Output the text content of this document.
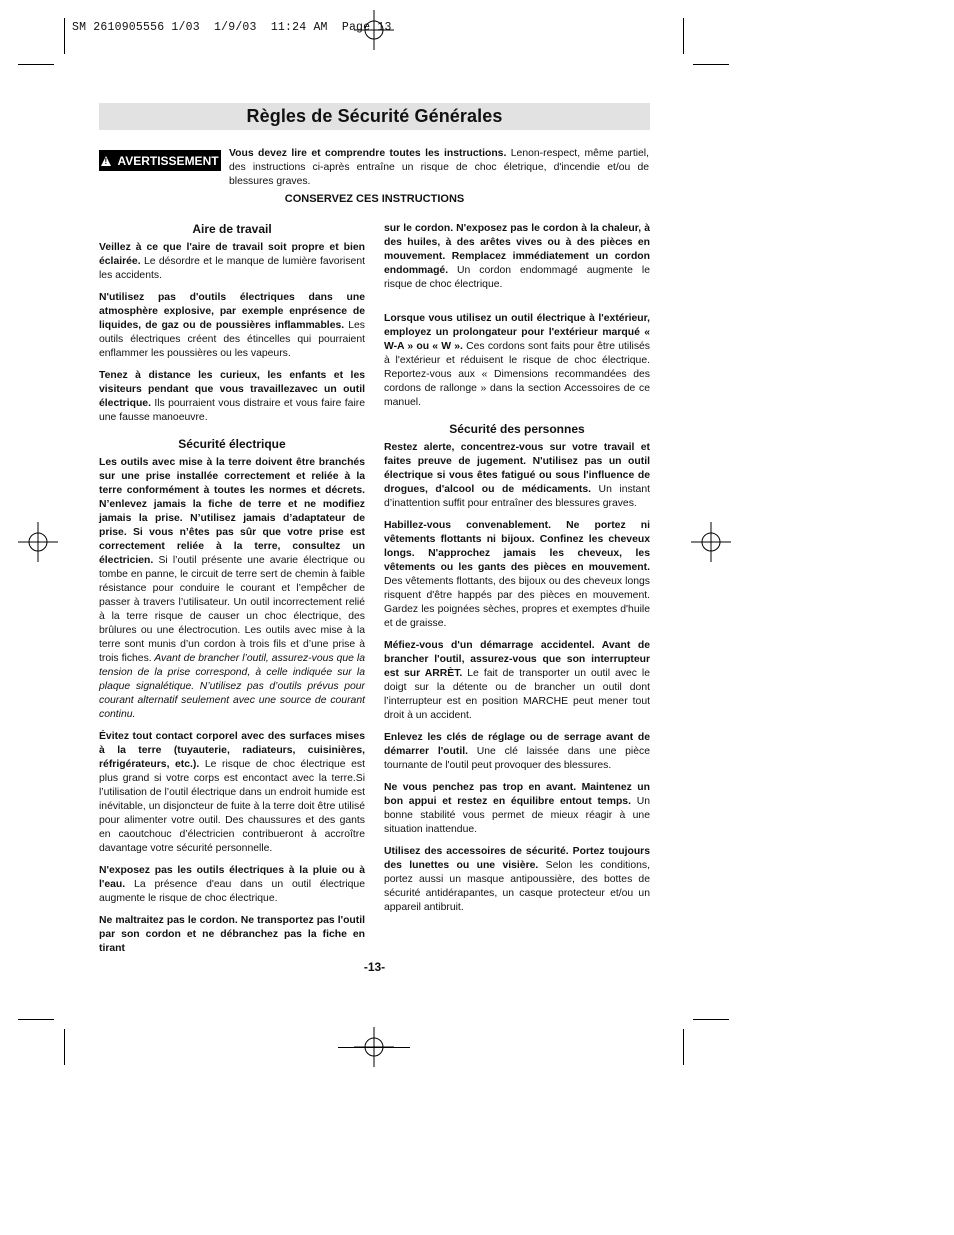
SM 2610905556 1/03  1/9/03  11:24 AM  Page 13
Règles de Sécurité Générales
!
AVERTISSEMENT Vous devez lire et comprendre toutes les instructions. Lenon-respect, même partiel, des instructions ci-après entraîne un risque de choc életrique, d'incendie et/ou de blessures graves.

CONSERVEZ CES INSTRUCTIONS

Aire de travail

Veillez à ce que l'aire de travail soit propre et bien éclairée. Le désordre et le manque de lumière favorisent les accidents.

N'utilisez pas d'outils électriques dans une atmosphère explosive, par exemple enprésence de liquides, de gaz ou de poussières inflammables. Les outils électriques créent des étincelles qui pourraient enflammer les poussières ou les vapeurs.

Tenez à distance les curieux, les enfants et les visiteurs pendant que vous travaillezavec un outil électrique. Ils pourraient vous distraire et vous faire faire une fausse manoeuvre.

Sécurité électrique

Les outils avec mise à la terre doivent être branchés sur une prise installée correctement et reliée à la terre conformément à toutes les normes et décrets. N’enlevez jamais la fiche de terre et ne modifiez jamais la prise. N’utilisez jamais d’adaptateur de prise. Si vous n’êtes pas sûr que votre prise est correctement reliée à la terre, consultez un électricien. Si l’outil présente une avarie électrique ou tombe en panne, le circuit de terre sert de chemin à faible résistance pour conduire le courant et l’empêcher de passer à travers l’utilisateur. Un outil incorrectement relié à la terre risque de causer un choc électrique, des brûlures ou une électrocution. Les outils avec mise à la terre sont munis d’un cordon à trois fils et d’une prise à trois fiches. Avant de brancher l’outil, assurez-vous que la tension de la prise correspond, à celle indiquée sur la plaque signalétique. N’utilisez pas d’outils prévus pour courant alternatif seulement avec une source de courant continu.

Évitez tout contact corporel avec des surfaces mises à la terre (tuyauterie, radiateurs, cuisinières, réfrigérateurs, etc.). Le risque de choc électrique est plus grand si votre corps est encontact avec la terre.Si l’utilisation de l’outil électrique dans un endroit humide est inévitable, un disjoncteur de fuite à la terre doit être utilisé pour alimenter votre outil. Des chaussures et des gants en caoutchouc d’électricien contribueront à accroître davantage votre sécurité personnelle.

N'exposez pas les outils électriques à la pluie ou à l'eau. La présence d'eau dans un outil électrique augmente le risque de choc électrique.

Ne maltraitez pas le cordon. Ne transportez pas l'outil par son cordon et ne débranchez pas la fiche en tirant

sur le cordon. N'exposez pas le cordon à la chaleur, à des huiles, à des arêtes vives ou à des pièces en mouvement. Remplacez immédiatement un cordon endommagé. Un cordon endommagé augmente le risque de choc électrique.

Lorsque vous utilisez un outil électrique à l'extérieur, employez un prolongateur pour l'extérieur marqué « W-A » ou « W ». Ces cordons sont faits pour être utilisés à l'extérieur et réduisent le risque de choc électrique. Reportez-vous aux « Dimensions recommandées des cordons de rallonge » dans la section Accessoires de ce manuel.

Sécurité des personnes

Restez alerte, concentrez-vous sur votre travail et faites preuve de jugement. N'utilisez pas un outil électrique si vous êtes fatigué ou sous l'influence de drogues, d'alcool ou de médicaments. Un instant d’inattention suffit pour entraîner des blessures graves.

Habillez-vous convenablement. Ne portez ni vêtements flottants ni bijoux. Confinez les cheveux longs. N'approchez jamais les cheveux, les vêtements ou les gants des pièces en mouvement. Des vêtements flottants, des bijoux ou des cheveux longs risquent d'être happés par des pièces en mouvement. Gardez les poignées sèches, propres et exemptes d'huile et de graisse.

Méfiez-vous d'un démarrage accidentel. Avant de brancher l'outil, assurez-vous que son interrupteur est sur ARRÈT. Le fait de transporter un outil avec le doigt sur la détente ou de brancher un outil dont l’interrupteur est en position MARCHE peut mener tout droit à un accident.

Enlevez les clés de réglage ou de serrage avant de démarrer l'outil. Une clé laissée dans une pièce tournante de l'outil peut provoquer des blessures.

Ne vous penchez pas trop en avant. Maintenez un bon appui et restez en équilibre entout temps. Un bonne stabilité vous permet de mieux réagir à une situation inattendue.

Utilisez des accessoires de sécurité. Portez toujours des lunettes ou une visière. Selon les conditions, portez aussi un masque antipoussière, des bottes de sécurité antidérapantes, un casque protecteur et/ou un appareil antibruit.

-13-
